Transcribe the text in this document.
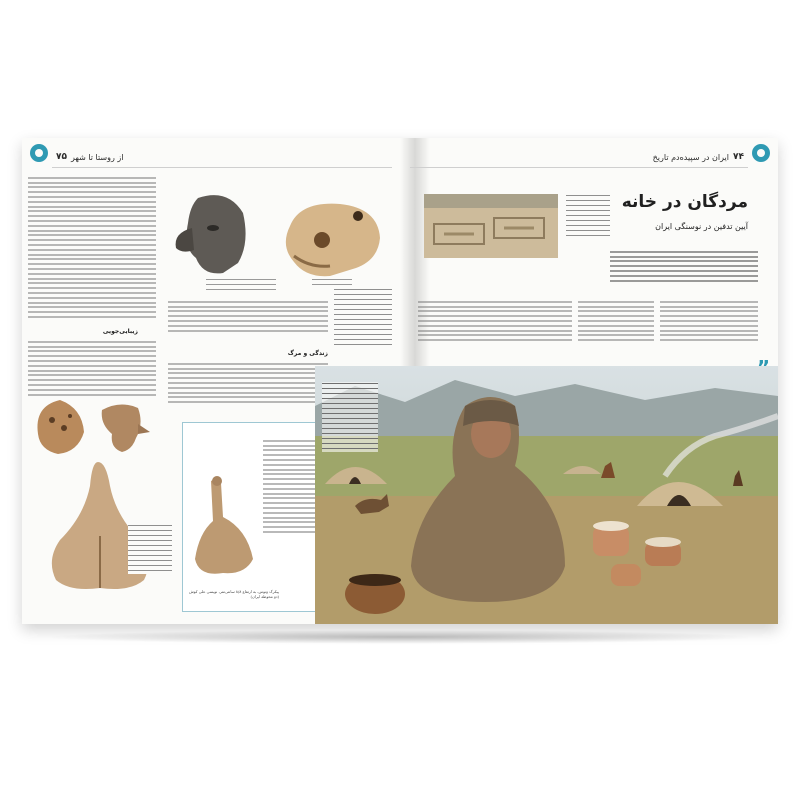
۷۵ از روستا تا شهر
زیبایی‌جویی
زندگی و مرگ
پیکرک ونوس، به ارتفاع ۸/۸ سانتی‌متر، نویسی علی کوش (دو محوطه ایران)
۷۴
ایران در سپیده‌دم تاریخ
مردگان در خانه
آیین تدفین در نوسنگی ایران
